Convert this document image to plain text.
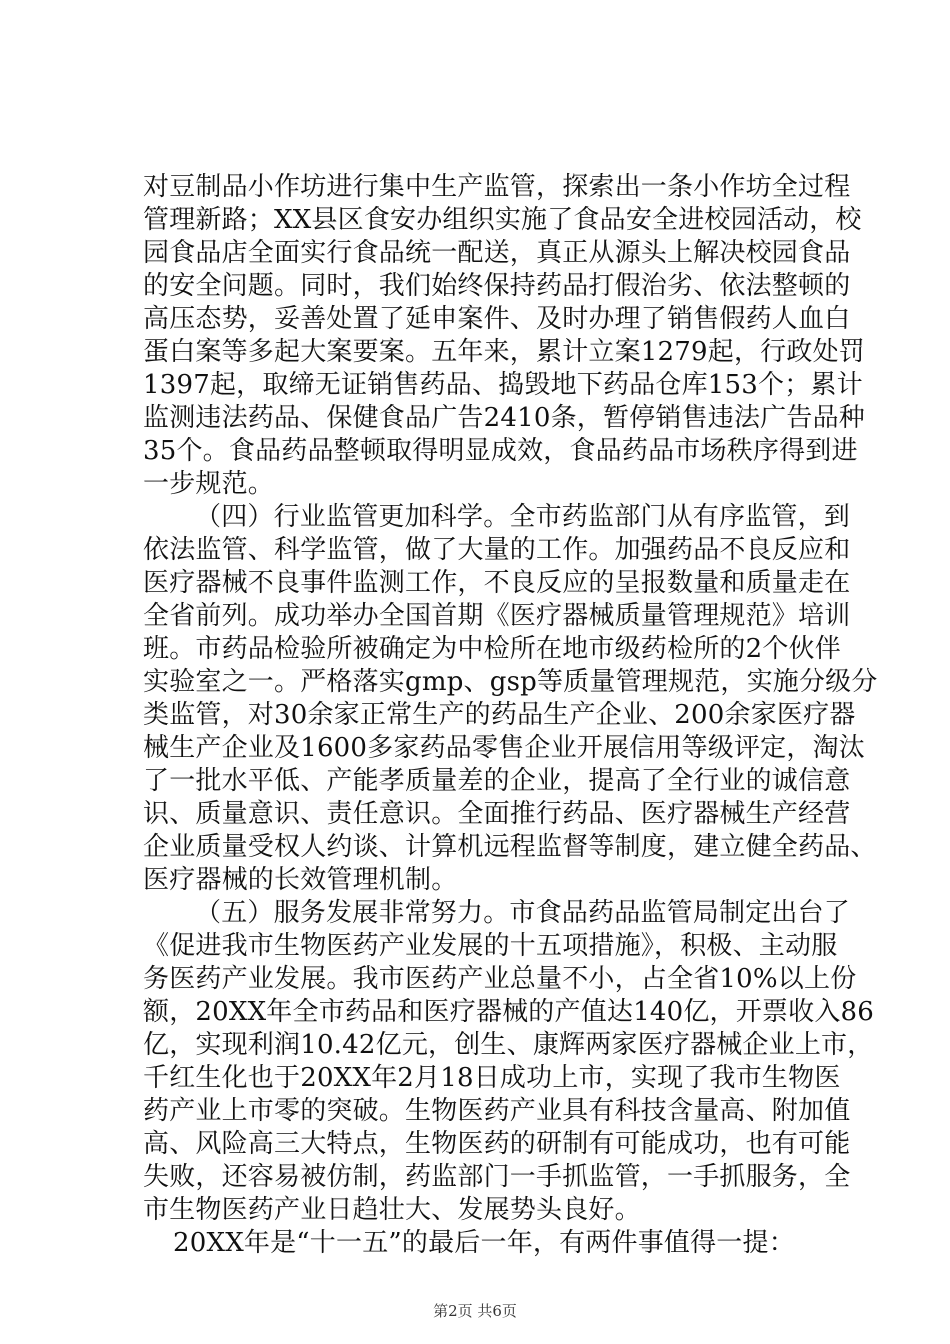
对豆制品小作坊进行集中生产监管，探索出一条小作坊全过程
管理新路；XX县区食安办组织实施了食品安全进校园活动，校
园食品店全面实行食品统一配送，真正从源头上解决校园食品
的安全问题。同时，我们始终保持药品打假治劣、依法整顿的
高压态势，妥善处置了延申案件、及时办理了销售假药人血白
蛋白案等多起大案要案。五年来，累计立案1279起，行政处罚
1397起，取缔无证销售药品、捣毁地下药品仓库153个；累计
监测违法药品、保健食品广告2410条，暂停销售违法广告品种
35个。食品药品整顿取得明显成效，食品药品市场秩序得到进
一步规范。
（四）行业监管更加科学。全市药监部门从有序监管，到
依法监管、科学监管，做了大量的工作。加强药品不良反应和
医疗器械不良事件监测工作，不良反应的呈报数量和质量走在
全省前列。成功举办全国首期《医疗器械质量管理规范》培训
班。市药品检验所被确定为中检所在地市级药检所的2个伙伴
实验室之一。严格落实gmp、gsp等质量管理规范，实施分级分
类监管，对30余家正常生产的药品生产企业、200余家医疗器
械生产企业及1600多家药品零售企业开展信用等级评定，淘汰
了一批水平低、产能孝质量差的企业，提高了全行业的诚信意
识、质量意识、责任意识。全面推行药品、医疗器械生产经营
企业质量受权人约谈、计算机远程监督等制度，建立健全药品、
医疗器械的长效管理机制。
（五）服务发展非常努力。市食品药品监管局制定出台了
《促进我市生物医药产业发展的十五项措施》，积极、主动服
务医药产业发展。我市医药产业总量不小，占全省10%以上份
额，20XX年全市药品和医疗器械的产值达140亿，开票收入86
亿，实现利润10.42亿元，创生、康辉两家医疗器械企业上市，
千红生化也于20XX年2月18日成功上市，实现了我市生物医
药产业上市零的突破。生物医药产业具有科技含量高、附加值
高、风险高三大特点，生物医药的研制有可能成功，也有可能
失败，还容易被仿制，药监部门一手抓监管，一手抓服务，全
市生物医药产业日趋壮大、发展势头良好。
20XX年是“十一五”的最后一年，有两件事值得一提：
第2页 共6页
